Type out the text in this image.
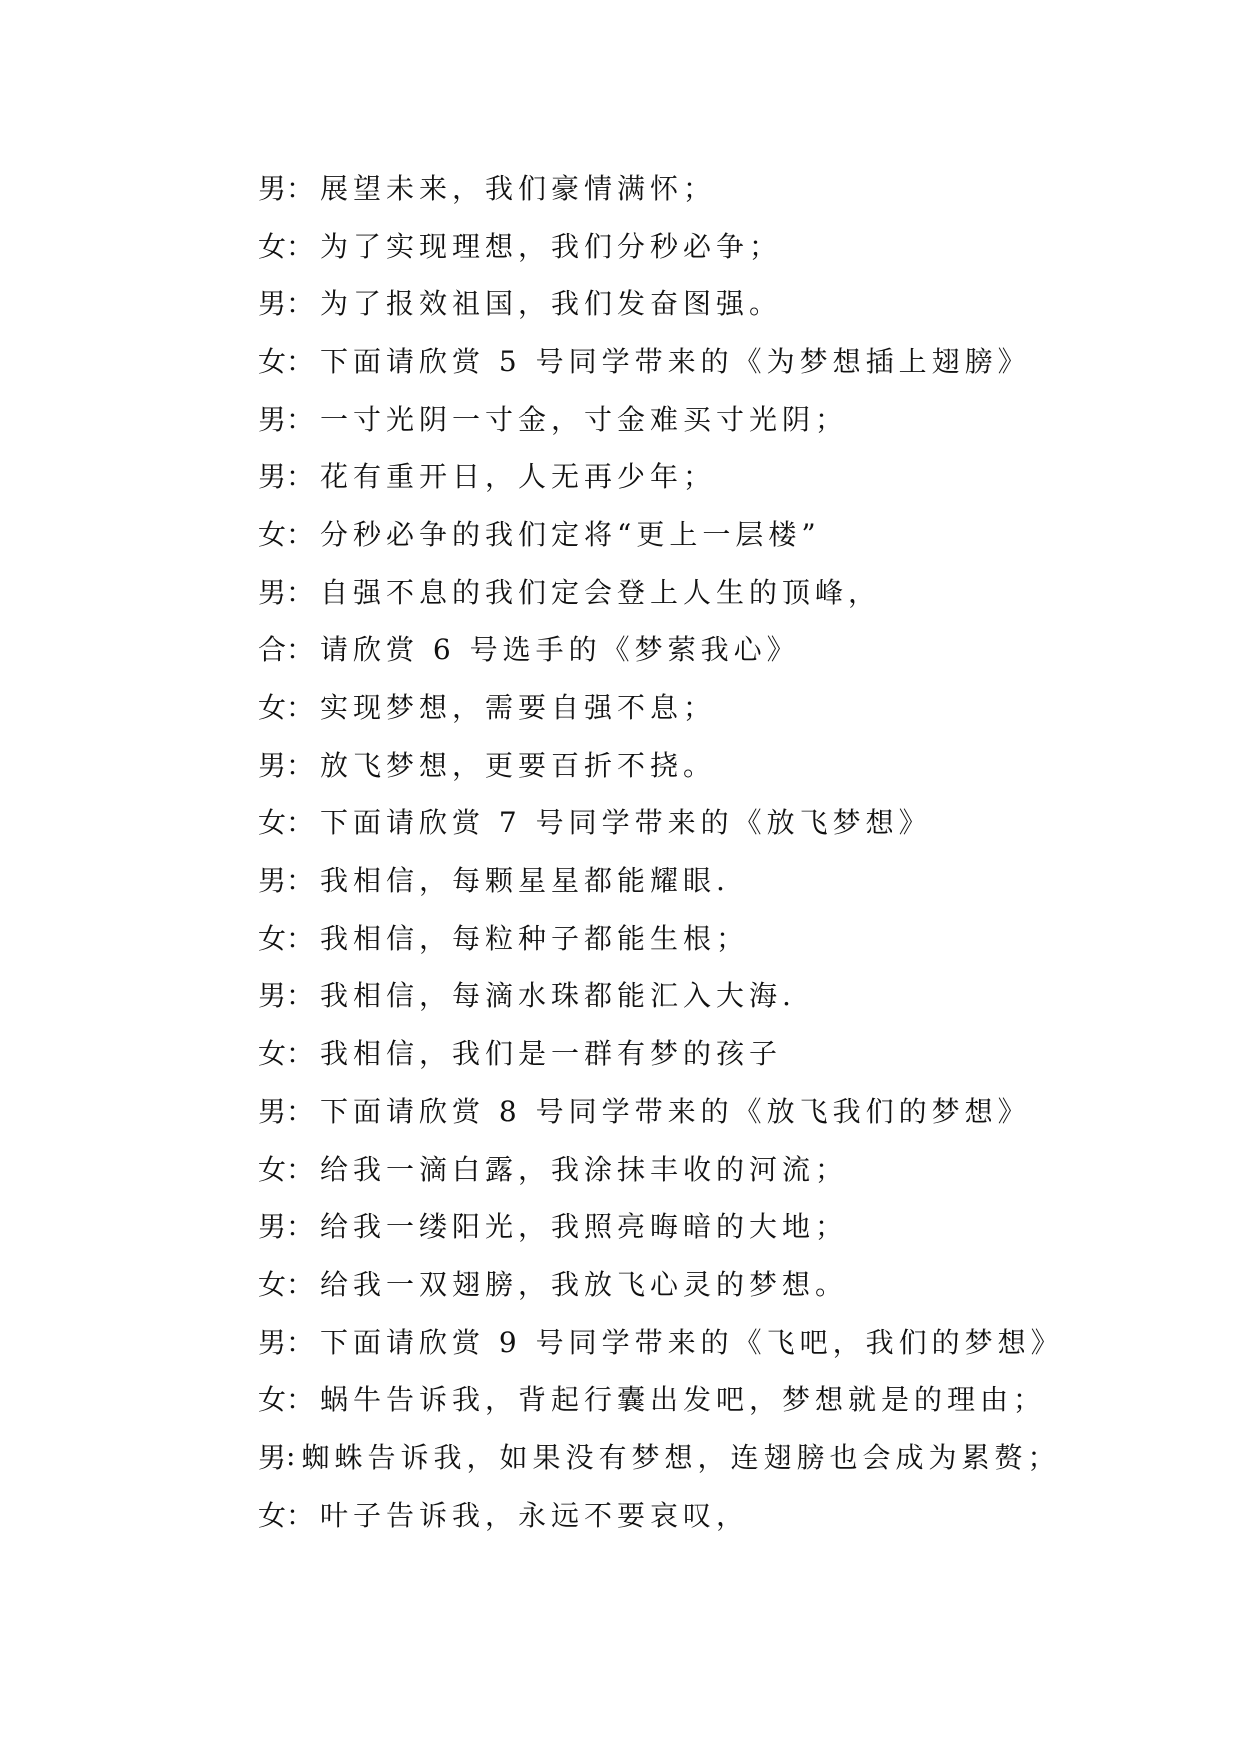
男 ： 展望未来，我们豪情满怀；
女 ： 为了实现理想，我们分秒必争；
男 ： 为了报效祖国，我们发奋图强。
女 ： 下面请欣赏 5 号同学带来的《为梦想插上翅膀》
男 ： 一寸光阴一寸金，寸金难买寸光阴；
男 ： 花有重开日，人无再少年；
女 ： 分秒必争的我们定将“更上一层楼”
男 ： 自强不息的我们定会登上人生的顶峰，
合 ： 请欣赏 6 号选手的《梦萦我心》
女 ： 实现梦想，需要自强不息；
男 ： 放飞梦想，更要百折不挠。
女 ： 下面请欣赏 7 号同学带来的《放飞梦想》
男 ： 我相信，每颗星星都能耀眼.
女 ： 我相信，每粒种子都能生根；
男 ： 我相信，每滴水珠都能汇入大海.
女 ： 我相信，我们是一群有梦的孩子
男 ： 下面请欣赏 8 号同学带来的《放飞我们的梦想》
女 ： 给我一滴白露，我涂抹丰收的河流；
男 ： 给我一缕阳光，我照亮晦暗的大地；
女 ： 给我一双翅膀，我放飞心灵的梦想。
男 ： 下面请欣赏 9 号同学带来的《飞吧，我们的梦想》
女 ： 蜗牛告诉我，背起行囊出发吧，梦想就是的理由；
男 : 蜘蛛告诉我，如果没有梦想，连翅膀也会成为累赘；
女 ： 叶子告诉我，永远不要哀叹，
